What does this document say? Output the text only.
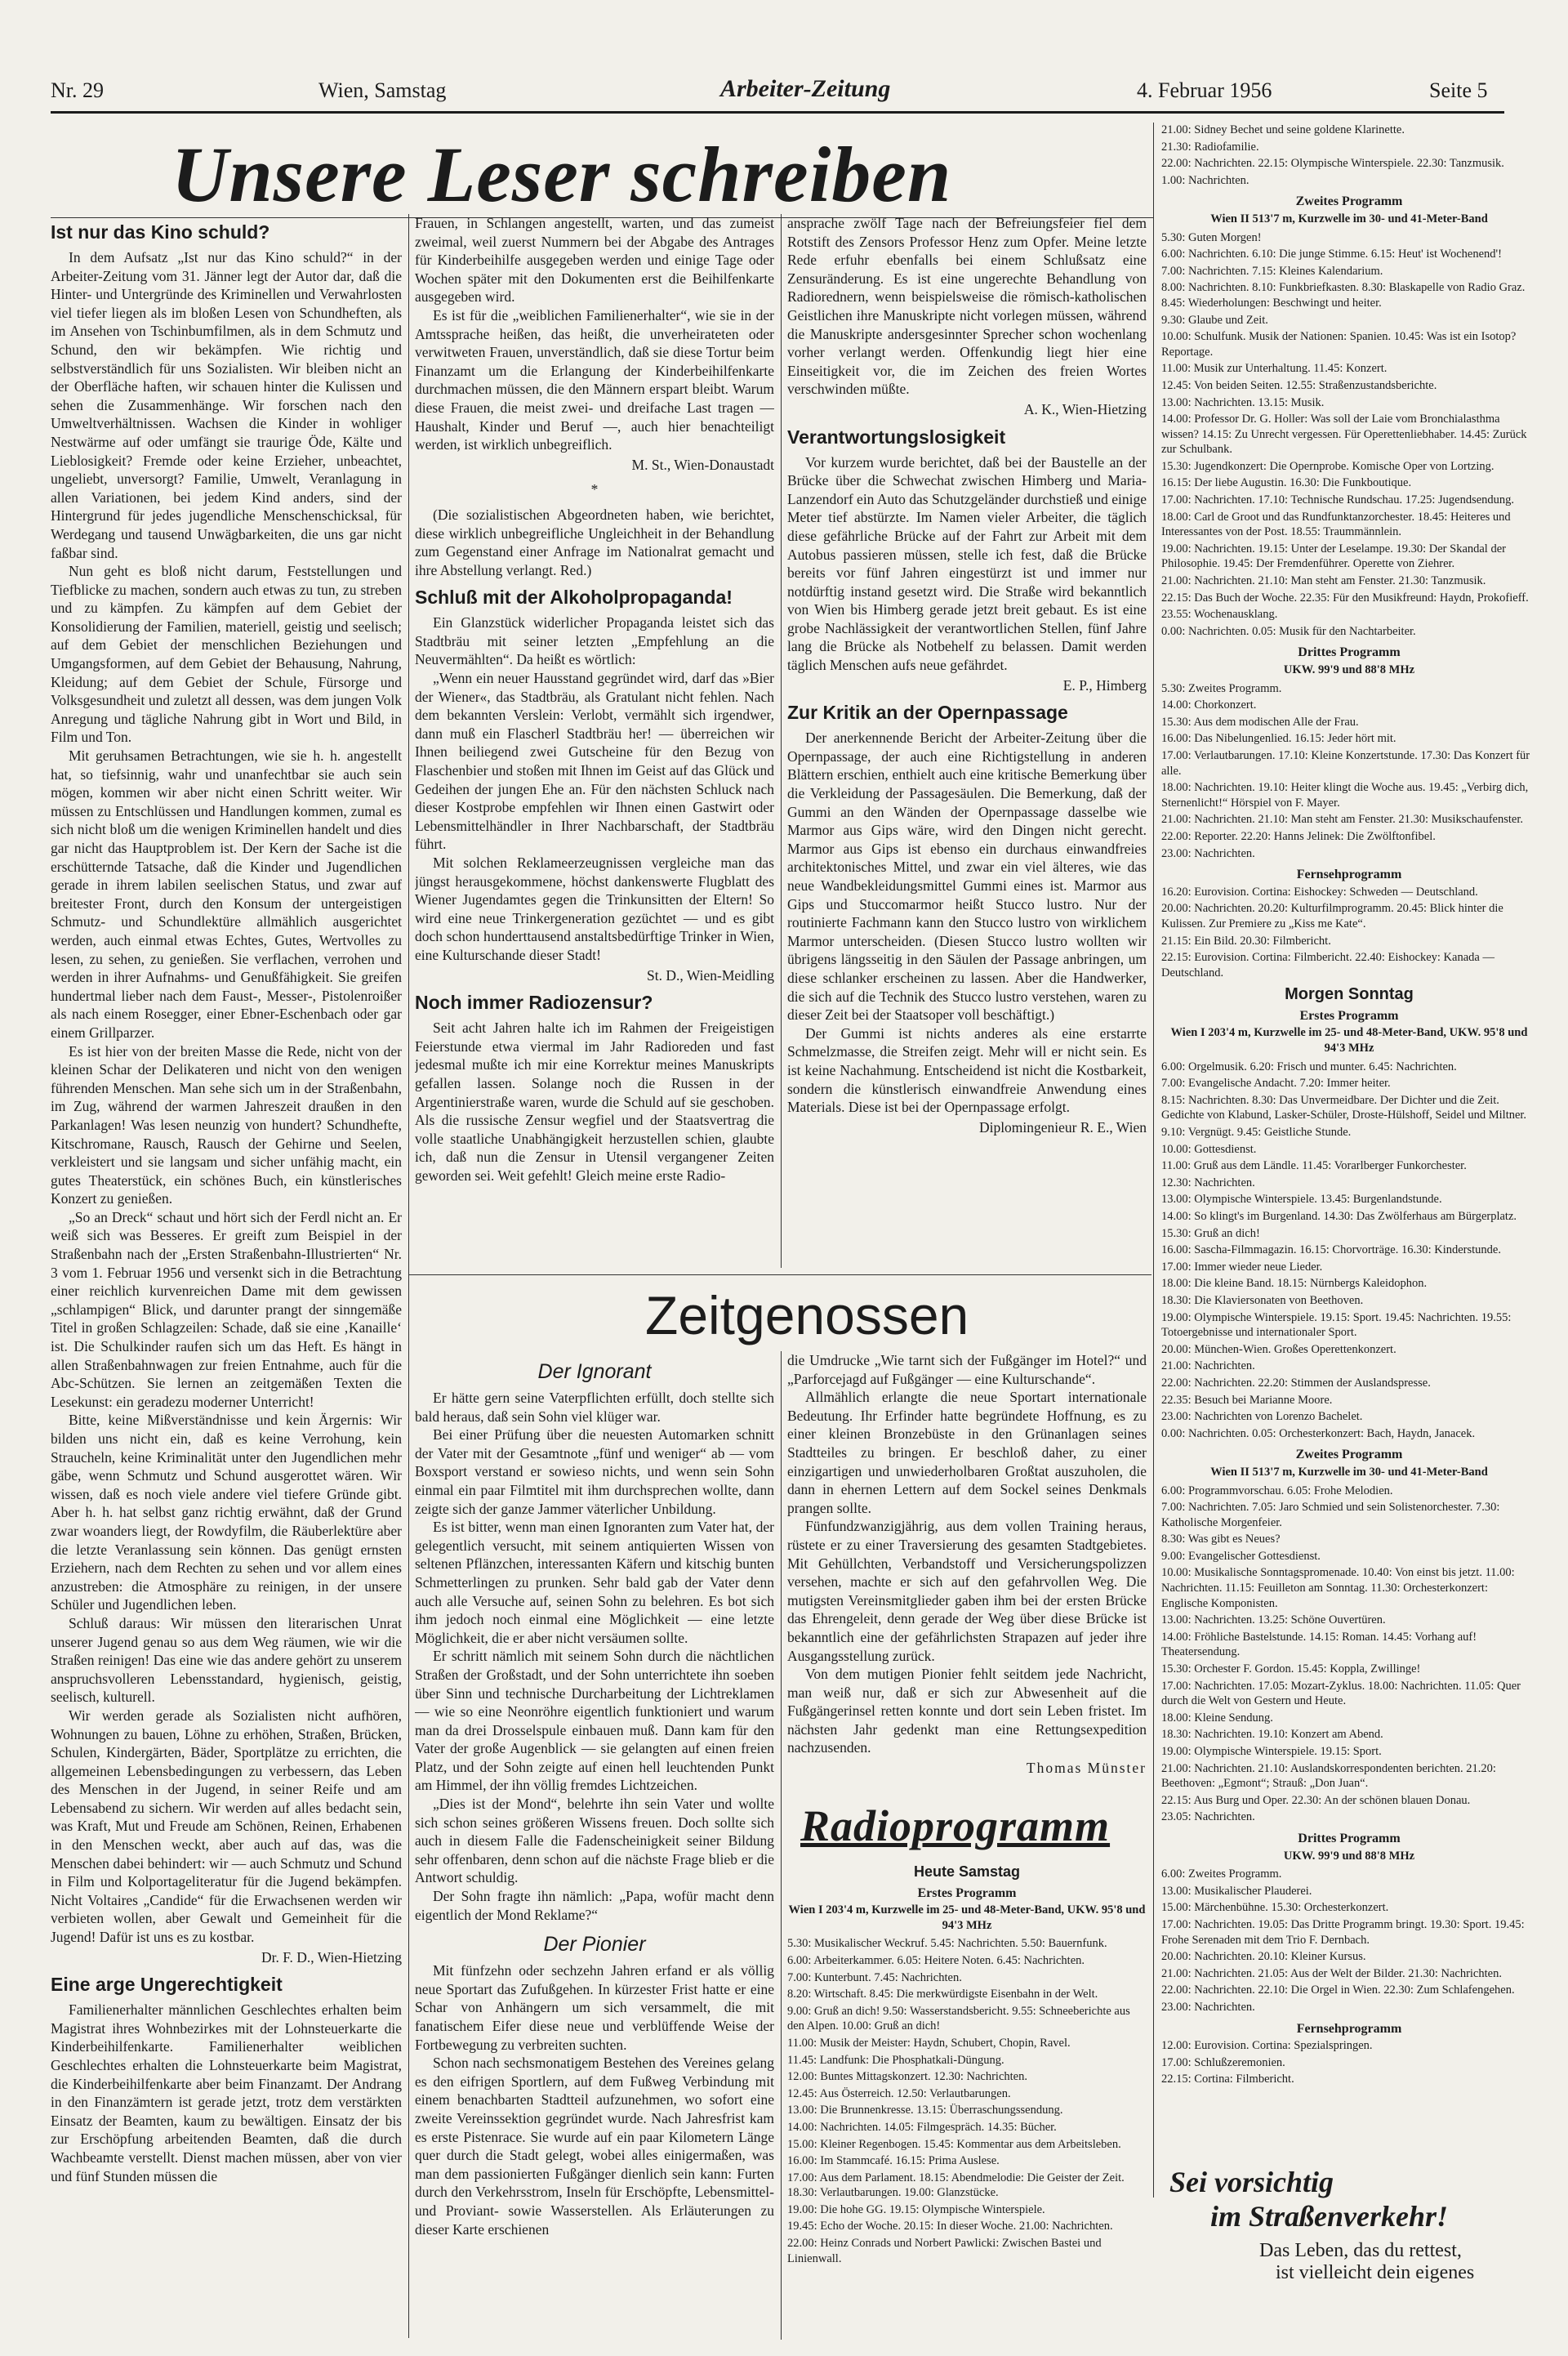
Nr. 29	Wien, Samstag	Arbeiter-Zeitung	4. Februar 1956	Seite 5
Unsere Leser schreiben
Ist nur das Kino schuld?

In dem Aufsatz „Ist nur das Kino schuld?“ in der Arbeiter-Zeitung vom 31. Jänner legt der Autor dar, daß die Hinter- und Untergründe des Kriminellen und Verwahrlosten viel tiefer liegen als im bloßen Lesen von Schundheften, als im Ansehen von Tschinbumfilmen, als in dem Schmutz und Schund, den wir bekämpfen. Wie richtig und selbstverständlich für uns Sozialisten. Wir bleiben nicht an der Oberfläche haften, wir schauen hinter die Kulissen und sehen die Zusammenhänge. Wir forschen nach den Umweltverhältnissen. Wachsen die Kinder in wohliger Nestwärme auf oder umfängt sie traurige Öde, Kälte und Lieblosigkeit? Fremde oder keine Erzieher, unbeachtet, ungeliebt, unversorgt? Familie, Umwelt, Veranlagung in allen Variationen, bei jedem Kind anders, sind der Hintergrund für jedes jugendliche Menschenschicksal, für Werdegang und tausend Unwägbarkeiten, die uns gar nicht faßbar sind.

Nun geht es bloß nicht darum, Feststellungen und Tiefblicke zu machen, sondern auch etwas zu tun, zu streben und zu kämpfen. Zu kämpfen auf dem Gebiet der Konsolidierung der Familien, materiell, geistig und seelisch; auf dem Gebiet der menschlichen Beziehungen und Umgangsformen, auf dem Gebiet der Behausung, Nahrung, Kleidung; auf dem Gebiet der Schule, Fürsorge und Volksgesundheit und zuletzt all dessen, was dem jungen Volk Anregung und tägliche Nahrung gibt in Wort und Bild, in Film und Ton.

Mit geruhsamen Betrachtungen, wie sie h. h. angestellt hat, so tiefsinnig, wahr und unanfechtbar sie auch sein mögen, kommen wir aber nicht einen Schritt weiter. Wir müssen zu Entschlüssen und Handlungen kommen, zumal es sich nicht bloß um die wenigen Kriminellen handelt und dies gar nicht das Hauptproblem ist. Der Kern der Sache ist die erschütternde Tatsache, daß die Kinder und Jugendlichen gerade in ihrem labilen seelischen Status, und zwar auf breitester Front, durch den Konsum der untergeistigen Schmutz- und Schundlektüre allmählich ausgerichtet werden, auch einmal etwas Echtes, Gutes, Wertvolles zu lesen, zu sehen, zu genießen. Sie verflachen, verrohen und werden in ihrer Aufnahms- und Genußfähigkeit. Sie greifen hundertmal lieber nach dem Faust-, Messer-, Pistolenroißer als nach einem Rosegger, einer Ebner-Eschenbach oder gar einem Grillparzer.

Es ist hier von der breiten Masse die Rede, nicht von der kleinen Schar der Delikateren und nicht von den wenigen führenden Menschen. Man sehe sich um in der Straßenbahn, im Zug, während der warmen Jahreszeit draußen in den Parkanlagen! Was lesen neunzig von hundert? Schundhefte, Kitschromane, Rausch, Rausch der Gehirne und Seelen, verkleistert und sie langsam und sicher unfähig macht, ein gutes Theaterstück, ein schönes Buch, ein künstlerisches Konzert zu genießen.

„So an Dreck“ schaut und hört sich der Ferdl nicht an. Er weiß sich was Besseres. Er greift zum Beispiel in der Straßenbahn nach der „Ersten Straßenbahn-Illustrierten“ Nr. 3 vom 1. Februar 1956 und versenkt sich in die Betrachtung einer reichlich kurvenreichen Dame mit dem gewissen „schlampigen“ Blick, und darunter prangt der sinngemäße Titel in großen Schlagzeilen: Schade, daß sie eine ‚Kanaille‘ ist. Die Schulkinder raufen sich um das Heft. Es hängt in allen Straßenbahnwagen zur freien Entnahme, auch für die Abc-Schützen. Sie lernen an zeitgemäßen Texten die Lesekunst: ein geradezu moderner Unterricht!

Bitte, keine Mißverständnisse und kein Ärgernis: Wir bilden uns nicht ein, daß es keine Verrohung, kein Straucheln, keine Kriminalität unter den Jugendlichen mehr gäbe, wenn Schmutz und Schund ausgerottet wären. Wir wissen, daß es noch viele andere viel tiefere Gründe gibt. Aber h. h. hat selbst ganz richtig erwähnt, daß der Grund zwar woanders liegt, der Rowdyfilm, die Räuberlektüre aber die letzte Veranlassung sein können. Das genügt ernsten Erziehern, nach dem Rechten zu sehen und vor allem eines anzustreben: die Atmosphäre zu reinigen, in der unsere Schüler und Jugendlichen leben.

Schluß daraus: Wir müssen den literarischen Unrat unserer Jugend genau so aus dem Weg räumen, wie wir die Straßen reinigen! Das eine wie das andere gehört zu unserem anspruchsvolleren Lebensstandard, hygienisch, geistig, seelisch, kulturell.

Wir werden gerade als Sozialisten nicht aufhören, Wohnungen zu bauen, Löhne zu erhöhen, Straßen, Brücken, Schulen, Kindergärten, Bäder, Sportplätze zu errichten, die allgemeinen Lebensbedingungen zu verbessern, das Leben des Menschen in der Jugend, in seiner Reife und am Lebensabend zu sichern. Wir werden auf alles bedacht sein, was Kraft, Mut und Freude am Schönen, Reinen, Erhabenen in den Menschen weckt, aber auch auf das, was die Menschen dabei behindert: wir — auch Schmutz und Schund in Film und Kolportageliteratur für die Jugend bekämpfen. Nicht Voltaires „Candide“ für die Erwachsenen werden wir verbieten wollen, aber Gewalt und Gemeinheit für die Jugend! Dafür ist uns es zu kostbar.

Dr. F. D., Wien-Hietzing
Eine arge Ungerechtigkeit

Familienerhalter männlichen Geschlechtes erhalten beim Magistrat ihres Wohnbezirkes mit der Lohnsteuerkarte die Kinderbeihilfenkarte. Familienerhalter weiblichen Geschlechtes erhalten die Lohnsteuerkarte beim Magistrat, die Kinderbeihilfenkarte aber beim Finanzamt. Der Andrang in den Finanzämtern ist gerade jetzt, trotz dem verstärkten Einsatz der Beamten, kaum zu bewältigen. Einsatz der bis zur Erschöpfung arbeitenden Beamten, daß die durch Wachbeamte verstellt. Dienst machen müssen, aber von vier und fünf Stunden müssen die

Frauen, in Schlangen angestellt, warten, und das zumeist zweimal, weil zuerst Nummern bei der Abgabe des Antrages für Kinderbeihilfe ausgegeben werden und einige Tage oder Wochen später mit den Dokumenten erst die Beihilfenkarte ausgegeben wird.

Es ist für die „weiblichen Familienerhalter“, wie sie in der Amtssprache heißen, das heißt, die unverheirateten oder verwitweten Frauen, unverständlich, daß sie diese Tortur beim Finanzamt um die Erlangung der Kinderbeihilfenkarte durchmachen müssen, die den Männern erspart bleibt. Warum diese Frauen, die meist zwei- und dreifache Last tragen — Haushalt, Kinder und Beruf —, auch hier benachteiligt werden, ist wirklich unbegreiflich.

M. St., Wien-Donaustadt
*

(Die sozialistischen Abgeordneten haben, wie berichtet, diese wirklich unbegreifliche Ungleichheit in der Behandlung zum Gegenstand einer Anfrage im Nationalrat gemacht und ihre Abstellung verlangt. Red.)

Schluß mit der Alkoholpropaganda!

Ein Glanzstück widerlicher Propaganda leistet sich das Stadtbräu mit seiner letzten „Empfehlung an die Neuvermählten“. Da heißt es wörtlich:

„Wenn ein neuer Hausstand gegründet wird, darf das »Bier der Wiener«, das Stadtbräu, als Gratulant nicht fehlen. Nach dem bekannten Verslein: Verlobt, vermählt sich irgendwer, dann muß ein Flascherl Stadtbräu her! — überreichen wir Ihnen beiliegend zwei Gutscheine für den Bezug von Flaschenbier und stoßen mit Ihnen im Geist auf das Glück und Gedeihen der jungen Ehe an. Für den nächsten Schluck nach dieser Kostprobe empfehlen wir Ihnen einen Gastwirt oder Lebensmittelhändler in Ihrer Nachbarschaft, der Stadtbräu führt.

Mit solchen Reklameerzeugnissen vergleiche man das jüngst herausgekommene, höchst dankenswerte Flugblatt des Wiener Jugendamtes gegen die Trinkunsitten der Eltern! So wird eine neue Trinkergeneration gezüchtet — und es gibt doch schon hunderttausend anstaltsbedürftige Trinker in Wien, eine Kulturschande dieser Stadt!

St. D., Wien-Meidling
Noch immer Radiozensur?

Seit acht Jahren halte ich im Rahmen der Freigeistigen Feierstunde etwa viermal im Jahr Radioreden und fast jedesmal mußte ich mir eine Korrektur meines Manuskripts gefallen lassen. Solange noch die Russen in der Argentinierstraße waren, wurde die Schuld auf sie geschoben. Als die russische Zensur wegfiel und der Staatsvertrag die volle staatliche Unabhängigkeit herzustellen schien, glaubte ich, daß nun die Zensur in Utensil vergangener Zeiten geworden sei. Weit gefehlt! Gleich meine erste Radio-

ansprache zwölf Tage nach der Befreiungsfeier fiel dem Rotstift des Zensors Professor Henz zum Opfer. Meine letzte Rede erfuhr ebenfalls bei einem Schlußsatz eine Zensuränderung. Es ist eine ungerechte Behandlung von Radiorednern, wenn beispielsweise die römisch-katholischen Geistlichen ihre Manuskripte nicht vorlegen müssen, während die Manuskripte andersgesinnter Sprecher schon wochenlang vorher verlangt werden. Offenkundig liegt hier eine Einseitigkeit vor, die im Zeichen des freien Wortes verschwinden müßte.

A. K., Wien-Hietzing
Verantwortungslosigkeit

Vor kurzem wurde berichtet, daß bei der Baustelle an der Brücke über die Schwechat zwischen Himberg und Maria-Lanzendorf ein Auto das Schutzgeländer durchstieß und einige Meter tief abstürzte. Im Namen vieler Arbeiter, die täglich diese gefährliche Brücke auf der Fahrt zur Arbeit mit dem Autobus passieren müssen, stelle ich fest, daß die Brücke bereits vor fünf Jahren eingestürzt ist und immer nur notdürftig instand gesetzt wird. Die Straße wird bekanntlich von Wien bis Himberg gerade jetzt breit gebaut. Es ist eine grobe Nachlässigkeit der verantwortlichen Stellen, fünf Jahre lang die Brücke als Notbehelf zu belassen. Damit werden täglich Menschen aufs neue gefährdet.

E. P., Himberg
Zur Kritik an der Opernpassage

Der anerkennende Bericht der Arbeiter-Zeitung über die Opernpassage, der auch eine Richtigstellung in anderen Blättern erschien, enthielt auch eine kritische Bemerkung über die Verkleidung der Passagesäulen. Die Bemerkung, daß der Gummi an den Wänden der Opernpassage dasselbe wie Marmor aus Gips wäre, wird den Dingen nicht gerecht. Marmor aus Gips ist ebenso ein durchaus einwandfreies architektonisches Mittel, und zwar ein viel älteres, wie das neue Wandbekleidungsmittel Gummi eines ist. Marmor aus Gips und Stuccomarmor heißt Stucco lustro. Nur der routinierte Fachmann kann den Stucco lustro von wirklichem Marmor unterscheiden. (Diesen Stucco lustro wollten wir übrigens längsseitig in den Säulen der Passage anbringen, um diese schlanker erscheinen zu lassen. Aber die Handwerker, die sich auf die Technik des Stucco lustro verstehen, waren zu dieser Zeit bei der Staatsoper voll beschäftigt.)

Der Gummi ist nichts anderes als eine erstarrte Schmelzmasse, die Streifen zeigt. Mehr will er nicht sein. Es ist keine Nachahmung. Entscheidend ist nicht die Kostbarkeit, sondern die künstlerisch einwandfreie Anwendung eines Materials. Diese ist bei der Opernpassage erfolgt.

Diplomingenieur R. E., Wien
Zeitgenossen
Der Ignorant

Er hätte gern seine Vaterpflichten erfüllt, doch stellte sich bald heraus, daß sein Sohn viel klüger war.

Bei einer Prüfung über die neuesten Automarken schnitt der Vater mit der Gesamtnote „fünf und weniger“ ab — vom Boxsport verstand er sowieso nichts, und wenn sein Sohn einmal ein paar Filmtitel mit ihm durchsprechen wollte, dann zeigte sich der ganze Jammer väterlicher Unbildung.

Es ist bitter, wenn man einen Ignoranten zum Vater hat, der gelegentlich versucht, mit seinem antiquierten Wissen von seltenen Pflänzchen, interessanten Käfern und kitschig bunten Schmetterlingen zu prunken. Sehr bald gab der Vater denn auch alle Versuche auf, seinen Sohn zu belehren. Es bot sich ihm jedoch noch einmal eine Möglichkeit — eine letzte Möglichkeit, die er aber nicht versäumen sollte.

Er schritt nämlich mit seinem Sohn durch die nächtlichen Straßen der Großstadt, und der Sohn unterrichtete ihn soeben über Sinn und technische Durcharbeitung der Lichtreklamen — wie so eine Neonröhre eigentlich funktioniert und warum man da drei Drosselspule einbauen muß. Dann kam für den Vater der große Augenblick — sie gelangten auf einen freien Platz, und der Sohn zeigte auf einen hell leuchtenden Punkt am Himmel, der ihn völlig fremdes Lichtzeichen.

„Dies ist der Mond“, belehrte ihn sein Vater und wollte sich schon seines größeren Wissens freuen. Doch sollte sich auch in diesem Falle die Fadenscheinigkeit seiner Bildung sehr offenbaren, denn schon auf die nächste Frage blieb er die Antwort schuldig.

Der Sohn fragte ihn nämlich: „Papa, wofür macht denn eigentlich der Mond Reklame?“

Der Pionier

Mit fünfzehn oder sechzehn Jahren erfand er als völlig neue Sportart das Zufußgehen. In kürzester Frist hatte er eine Schar von Anhängern um sich versammelt, die mit fanatischem Eifer diese neue und verblüffende Weise der Fortbewegung zu verbreiten suchten.

Schon nach sechsmonatigem Bestehen des Vereines gelang es den eifrigen Sportlern, auf dem Fußweg Verbindung mit einem benachbarten Stadtteil aufzunehmen, wo sofort eine zweite Vereinssektion gegründet wurde. Nach Jahresfrist kam es erste Pistenrace. Sie wurde auf ein paar Kilometern Länge quer durch die Stadt gelegt, wobei alles einigermaßen, was man dem passionierten Fußgänger dienlich sein kann: Furten durch den Verkehrsstrom, Inseln für Erschöpfte, Lebensmittel- und Proviant- sowie Wasserstellen. Als Erläuterungen zu dieser Karte erschienen

die Umdrucke „Wie tarnt sich der Fußgänger im Hotel?“ und „Parforcejagd auf Fußgänger — eine Kulturschande“.

Allmählich erlangte die neue Sportart internationale Bedeutung. Ihr Erfinder hatte begründete Hoffnung, es zu einer kleinen Bronzebüste in den Grünanlagen seines Stadtteiles zu bringen. Er beschloß daher, zu einer einzigartigen und unwiederholbaren Großtat auszuholen, die dann in ehernen Lettern auf dem Sockel seines Denkmals prangen sollte.

Fünfundzwanzigjährig, aus dem vollen Training heraus, rüstete er zu einer Traversierung des gesamten Stadtgebietes. Mit Gehüllchten, Verbandstoff und Versicherungspolizzen versehen, machte er sich auf den gefahrvollen Weg. Die mutigsten Vereinsmitglieder gaben ihm bei der ersten Brücke das Ehrengeleit, denn gerade der Weg über diese Brücke ist bekanntlich eine der gefährlichsten Strapazen auf jeder ihre Ausgangsstellung zurück.

Von dem mutigen Pionier fehlt seitdem jede Nachricht, man weiß nur, daß er sich zur Abwesenheit auf die Fußgängerinsel retten konnte und dort sein Leben fristet. Im nächsten Jahr gedenkt man eine Rettungsexpedition nachzusenden.

Thomas Münster
Radioprogramm
Heute Samstag
Erstes Programm
Wien I 203'4 m, Kurzwelle im 25- und 48-Meter-Band, UKW. 95'8 und 94'3 MHz
5.30: Musikalischer Weckruf. 5.45: Nachrichten. 5.50: Bauernfunk.
6.00: Arbeiterkammer. 6.05: Heitere Noten. 6.45: Nachrichten.
7.00: Kunterbunt. 7.45: Nachrichten.
8.20: Wirtschaft. 8.45: Die merkwürdigste Eisenbahn in der Welt.
9.00: Gruß an dich! 9.50: Wasserstandsbericht. 9.55: Schneeberichte aus den Alpen. 10.00: Gruß an dich!
11.00: Musik der Meister: Haydn, Schubert, Chopin, Ravel.
11.45: Landfunk: Die Phosphatkali-Düngung.
12.00: Buntes Mittagskonzert. 12.30: Nachrichten.
12.45: Aus Österreich. 12.50: Verlautbarungen.
13.00: Die Brunnenkresse. 13.15: Überraschungssendung.
14.00: Nachrichten. 14.05: Filmgespräch. 14.35: Bücher.
15.00: Kleiner Regenbogen. 15.45: Kommentar aus dem Arbeitsleben.
16.00: Im Stammcafé. 16.15: Prima Auslese.
17.00: Aus dem Parlament. 18.15: Abendmelodie: Die Geister der Zeit. 18.30: Verlautbarungen. 19.00: Glanzstücke.
19.00: Die hohe GG. 19.15: Olympische Winterspiele.
19.45: Echo der Woche. 20.15: In dieser Woche. 21.00: Nachrichten.
22.00: Heinz Conrads und Norbert Pawlicki: Zwischen Bastei und Linienwall.
21.00: Sidney Bechet und seine goldene Klarinette.
21.30: Radiofamilie.
22.00: Nachrichten. 22.15: Olympische Winterspiele. 22.30: Tanzmusik.
1.00: Nachrichten.
Zweites Programm
Wien II 513'7 m, Kurzwelle im 30- und 41-Meter-Band
5.30: Guten Morgen!
6.00: Nachrichten. 6.10: Die junge Stimme. 6.15: Heut' ist Wochenend'!
7.00: Nachrichten. 7.15: Kleines Kalendarium.
8.00: Nachrichten. 8.10: Funkbriefkasten. 8.30: Blaskapelle von Radio Graz. 8.45: Wiederholungen: Beschwingt und heiter.
9.30: Glaube und Zeit.
10.00: Schulfunk. Musik der Nationen: Spanien. 10.45: Was ist ein Isotop? Reportage.
11.00: Musik zur Unterhaltung. 11.45: Konzert.
12.45: Von beiden Seiten. 12.55: Straßenzustandsberichte.
13.00: Nachrichten. 13.15: Musik.
14.00: Professor Dr. G. Holler: Was soll der Laie vom Bronchialasthma wissen? 14.15: Zu Unrecht vergessen. Für Operettenliebhaber. 14.45: Zurück zur Schulbank.
15.30: Jugendkonzert: Die Opernprobe. Komische Oper von Lortzing.
16.15: Der liebe Augustin. 16.30: Die Funkboutique.
17.00: Nachrichten. 17.10: Technische Rundschau. 17.25: Jugendsendung.
18.00: Carl de Groot und das Rundfunktanzorchester. 18.45: Heiteres und Interessantes von der Post. 18.55: Traummännlein.
19.00: Nachrichten. 19.15: Unter der Leselampe. 19.30: Der Skandal der Philosophie. 19.45: Der Fremdenführer. Operette von Ziehrer.
21.00: Nachrichten. 21.10: Man steht am Fenster. 21.30: Tanzmusik.
22.15: Das Buch der Woche. 22.35: Für den Musikfreund: Haydn, Prokofieff.
23.55: Wochenausklang.
0.00: Nachrichten. 0.05: Musik für den Nachtarbeiter.
Drittes Programm
UKW. 99'9 und 88'8 MHz
5.30: Zweites Programm.
14.00: Chorkonzert.
15.30: Aus dem modischen Alle der Frau.
16.00: Das Nibelungenlied. 16.15: Jeder hört mit.
17.00: Verlautbarungen. 17.10: Kleine Konzertstunde. 17.30: Das Konzert für alle.
18.00: Nachrichten. 19.10: Heiter klingt die Woche aus. 19.45: „Verbirg dich, Sternenlicht!“ Hörspiel von F. Mayer.
21.00: Nachrichten. 21.10: Man steht am Fenster. 21.30: Musikschaufenster.
22.00: Reporter. 22.20: Hanns Jelinek: Die Zwölftonfibel.
23.00: Nachrichten.
Fernsehprogramm
16.20: Eurovision. Cortina: Eishockey: Schweden — Deutschland.
20.00: Nachrichten. 20.20: Kulturfilmprogramm. 20.45: Blick hinter die Kulissen. Zur Premiere zu „Kiss me Kate“.
21.15: Ein Bild. 20.30: Filmbericht.
22.15: Eurovision. Cortina: Filmbericht. 22.40: Eishockey: Kanada — Deutschland.
Morgen Sonntag
Erstes Programm
Wien I 203'4 m, Kurzwelle im 25- und 48-Meter-Band, UKW. 95'8 und 94'3 MHz
6.00: Orgelmusik. 6.20: Frisch und munter. 6.45: Nachrichten.
7.00: Evangelische Andacht. 7.20: Immer heiter.
8.15: Nachrichten. 8.30: Das Unvermeidbare. Der Dichter und die Zeit. Gedichte von Klabund, Lasker-Schüler, Droste-Hülshoff, Seidel und Miltner.
9.10: Vergnügt. 9.45: Geistliche Stunde.
10.00: Gottesdienst.
11.00: Gruß aus dem Ländle. 11.45: Vorarlberger Funkorchester.
12.30: Nachrichten.
13.00: Olympische Winterspiele. 13.45: Burgenlandstunde.
14.00: So klingt's im Burgenland. 14.30: Das Zwölferhaus am Bürgerplatz.
15.30: Gruß an dich!
16.00: Sascha-Filmmagazin. 16.15: Chorvorträge. 16.30: Kinderstunde.
17.00: Immer wieder neue Lieder.
18.00: Die kleine Band. 18.15: Nürnbergs Kaleidophon.
18.30: Die Klaviersonaten von Beethoven.
19.00: Olympische Winterspiele. 19.15: Sport. 19.45: Nachrichten. 19.55: Totoergebnisse und internationaler Sport.
20.00: München-Wien. Großes Operettenkonzert.
21.00: Nachrichten.
22.00: Nachrichten. 22.20: Stimmen der Auslandspresse.
22.35: Besuch bei Marianne Moore.
23.00: Nachrichten von Lorenzo Bachelet.
0.00: Nachrichten. 0.05: Orchesterkonzert: Bach, Haydn, Janacek.
Zweites Programm
Wien II 513'7 m, Kurzwelle im 30- und 41-Meter-Band
6.00: Programmvorschau. 6.05: Frohe Melodien.
7.00: Nachrichten. 7.05: Jaro Schmied und sein Solistenorchester. 7.30: Katholische Morgenfeier.
8.30: Was gibt es Neues?
9.00: Evangelischer Gottesdienst.
10.00: Musikalische Sonntagspromenade. 10.40: Von einst bis jetzt. 11.00: Nachrichten. 11.15: Feuilleton am Sonntag. 11.30: Orchesterkonzert: Englische Komponisten.
13.00: Nachrichten. 13.25: Schöne Ouvertüren.
14.00: Fröhliche Bastelstunde. 14.15: Roman. 14.45: Vorhang auf! Theatersendung.
15.30: Orchester F. Gordon. 15.45: Koppla, Zwillinge!
17.00: Nachrichten. 17.05: Mozart-Zyklus. 18.00: Nachrichten. 11.05: Quer durch die Welt von Gestern und Heute.
18.00: Kleine Sendung.
18.30: Nachrichten. 19.10: Konzert am Abend.
19.00: Olympische Winterspiele. 19.15: Sport.
21.00: Nachrichten. 21.10: Auslandskorrespondenten berichten. 21.20: Beethoven: „Egmont“; Strauß: „Don Juan“.
22.15: Aus Burg und Oper. 22.30: An der schönen blauen Donau.
23.05: Nachrichten.
Drittes Programm
UKW. 99'9 und 88'8 MHz
6.00: Zweites Programm.
13.00: Musikalischer Plauderei.
15.00: Märchenbühne. 15.30: Orchesterkonzert.
17.00: Nachrichten. 19.05: Das Dritte Programm bringt. 19.30: Sport. 19.45: Frohe Serenaden mit dem Trio F. Dernbach.
20.00: Nachrichten. 20.10: Kleiner Kursus.
21.00: Nachrichten. 21.05: Aus der Welt der Bilder. 21.30: Nachrichten.
22.00: Nachrichten. 22.10: Die Orgel in Wien. 22.30: Zum Schlafengehen.
23.00: Nachrichten.
Fernsehprogramm
12.00: Eurovision. Cortina: Spezialspringen.
17.00: Schlußzeremonien.
22.15: Cortina: Filmbericht.
Sei vorsichtig
im Straßenverkehr!
Das Leben, das du rettest,
ist vielleicht dein eigenes
